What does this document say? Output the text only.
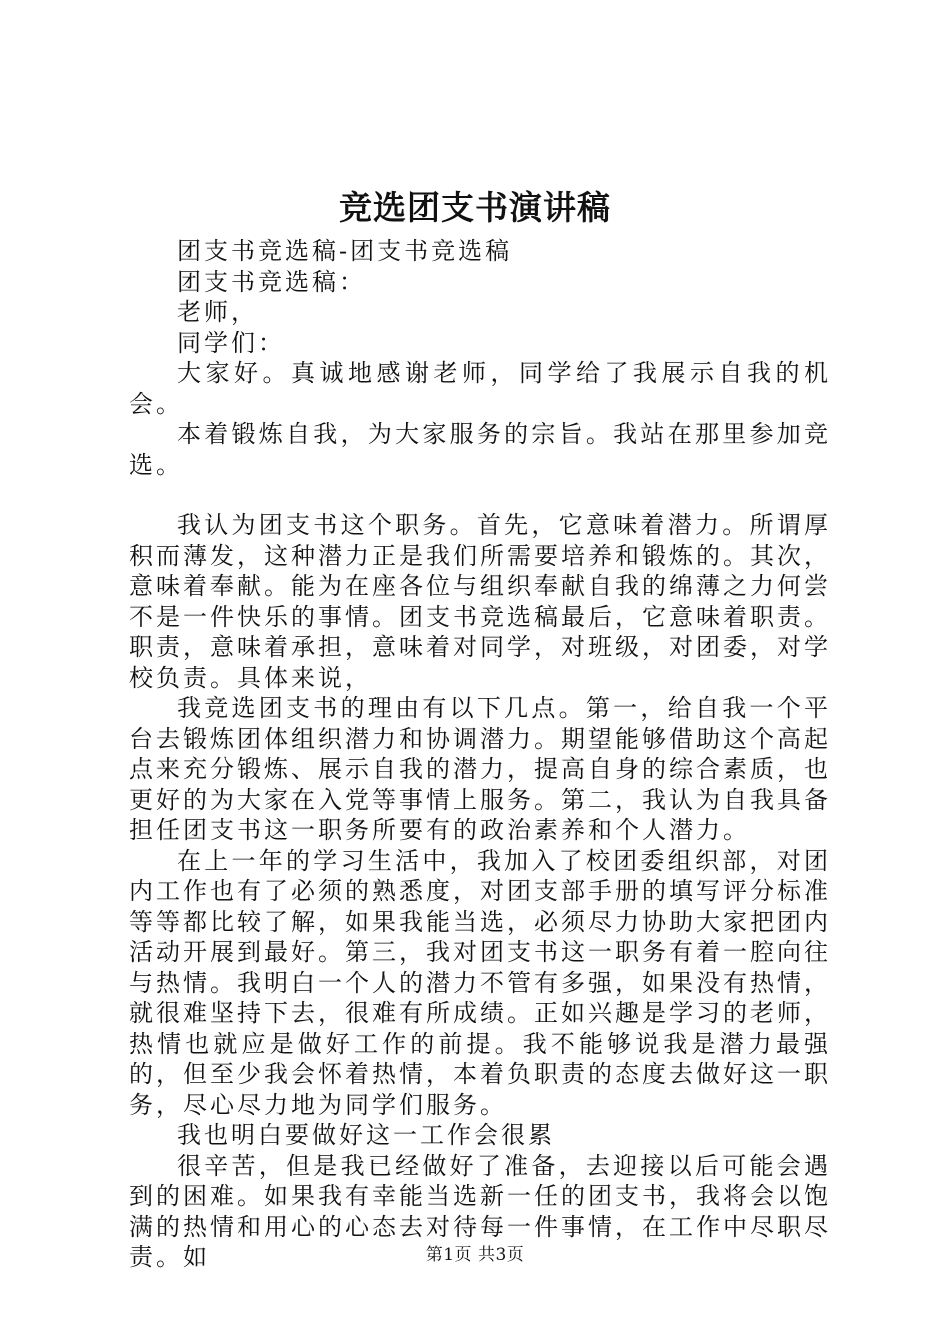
竞选团支书演讲稿

团支书竞选稿-团支书竞选稿

团支书竞选稿：

老师，

同学们：

大家好。真诚地感谢老师，同学给了我展示自我的机会。

本着锻炼自我，为大家服务的宗旨。我站在那里参加竞选。

我认为团支书这个职务。首先，它意味着潜力。所谓厚积而薄发，这种潜力正是我们所需要培养和锻炼的。其次，意味着奉献。能为在座各位与组织奉献自我的绵薄之力何尝不是一件快乐的事情。团支书竞选稿最后，它意味着职责。职责，意味着承担，意味着对同学，对班级，对团委，对学校负责。具体来说，

我竞选团支书的理由有以下几点。第一，给自我一个平台去锻炼团体组织潜力和协调潜力。期望能够借助这个高起点来充分锻炼、展示自我的潜力，提高自身的综合素质，也更好的为大家在入党等事情上服务。第二，我认为自我具备担任团支书这一职务所要有的政治素养和个人潜力。

在上一年的学习生活中，我加入了校团委组织部，对团内工作也有了必须的熟悉度，对团支部手册的填写评分标准等等都比较了解，如果我能当选，必须尽力协助大家把团内活动开展到最好。第三，我对团支书这一职务有着一腔向往与热情。我明白一个人的潜力不管有多强，如果没有热情，就很难坚持下去，很难有所成绩。正如兴趣是学习的老师，热情也就应是做好工作的前提。我不能够说我是潜力最强的，但至少我会怀着热情，本着负职责的态度去做好这一职务，尽心尽力地为同学们服务。

我也明白要做好这一工作会很累

很辛苦，但是我已经做好了准备，去迎接以后可能会遇到的困难。如果我有幸能当选新一任的团支书，我将会以饱满的热情和用心的心态去对待每一件事情，在工作中尽职尽责。如	第1页 共3页
